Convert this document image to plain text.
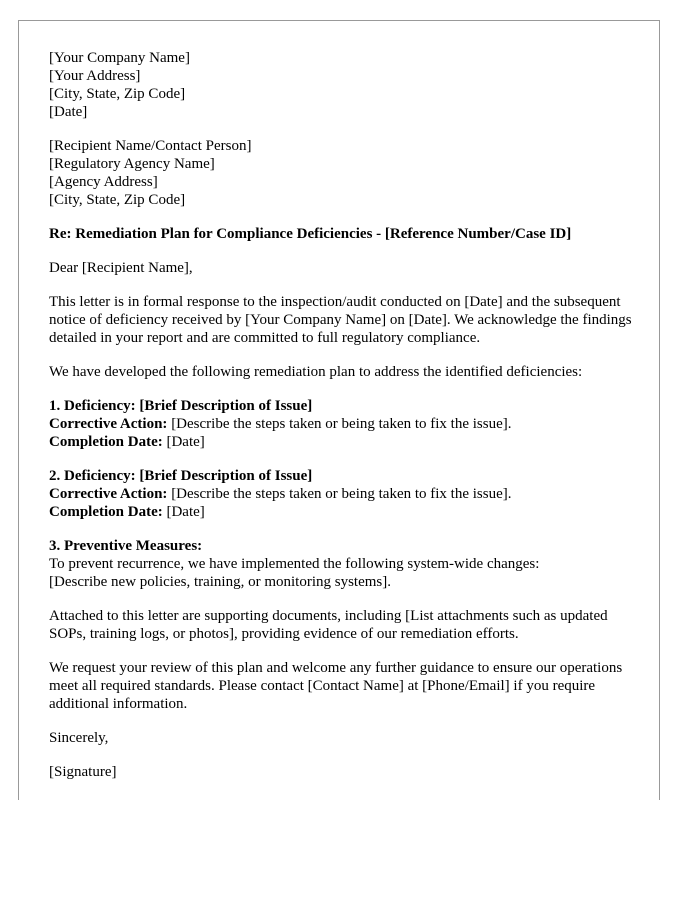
[Your Company Name]
[Your Address]
[City, State, Zip Code]
[Date]
[Recipient Name/Contact Person]
[Regulatory Agency Name]
[Agency Address]
[City, State, Zip Code]

Re: Remediation Plan for Compliance Deficiencies - [Reference Number/Case ID]

Dear [Recipient Name],

This letter is in formal response to the inspection/audit conducted on [Date] and the subsequent notice of deficiency received by [Your Company Name] on [Date]. We acknowledge the findings detailed in your report and are committed to full regulatory compliance.

We have developed the following remediation plan to address the identified deficiencies:

1. Deficiency: [Brief Description of Issue]
Corrective Action: [Describe the steps taken or being taken to fix the issue].
Completion Date: [Date]
2. Deficiency: [Brief Description of Issue]
Corrective Action: [Describe the steps taken or being taken to fix the issue].
Completion Date: [Date]
3. Preventive Measures:
To prevent recurrence, we have implemented the following system-wide changes:
[Describe new policies, training, or monitoring systems].

Attached to this letter are supporting documents, including [List attachments such as updated SOPs, training logs, or photos], providing evidence of our remediation efforts.

We request your review of this plan and welcome any further guidance to ensure our operations meet all required standards. Please contact [Contact Name] at [Phone/Email] if you require additional information.

Sincerely,

[Signature]
